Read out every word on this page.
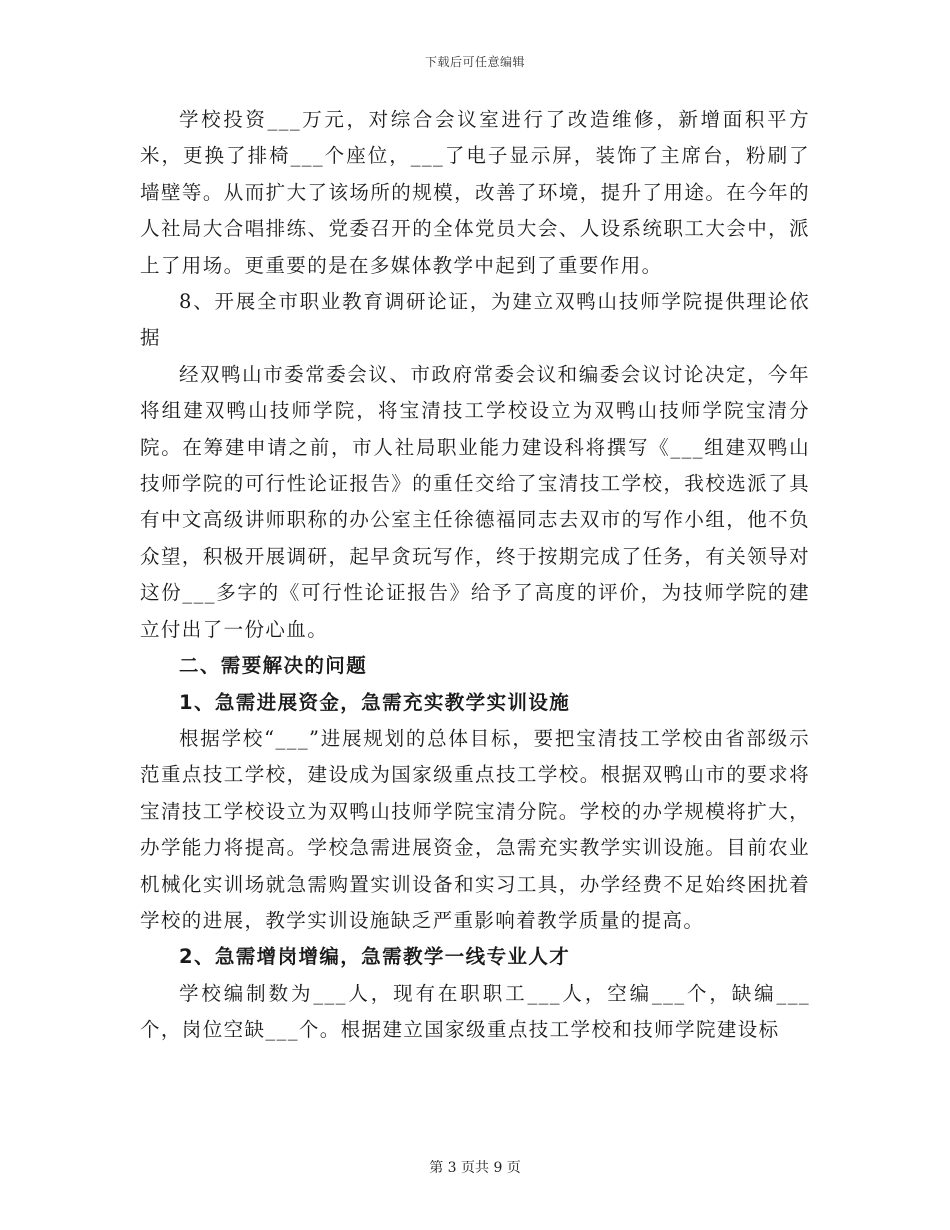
下载后可任意编辑

学校投资___万元，对综合会议室进行了改造维修，新增面积平方米，更换了排椅___个座位，___了电子显示屏，装饰了主席台，粉刷了墙壁等。从而扩大了该场所的规模，改善了环境，提升了用途。在今年的人社局大合唱排练、党委召开的全体党员大会、人设系统职工大会中，派上了用场。更重要的是在多媒体教学中起到了重要作用。

8、开展全市职业教育调研论证，为建立双鸭山技师学院提供理论依据

经双鸭山市委常委会议、市政府常委会议和编委会议讨论决定，今年将组建双鸭山技师学院，将宝清技工学校设立为双鸭山技师学院宝清分院。在筹建申请之前，市人社局职业能力建设科将撰写《___组建双鸭山技师学院的可行性论证报告》的重任交给了宝清技工学校，我校选派了具有中文高级讲师职称的办公室主任徐德福同志去双市的写作小组，他不负众望，积极开展调研，起早贪玩写作，终于按期完成了任务，有关领导对这份___多字的《可行性论证报告》给予了高度的评价，为技师学院的建立付出了一份心血。

二、需要解决的问题

1、急需进展资金，急需充实教学实训设施

根据学校“___”进展规划的总体目标，要把宝清技工学校由省部级示范重点技工学校，建设成为国家级重点技工学校。根据双鸭山市的要求将宝清技工学校设立为双鸭山技师学院宝清分院。学校的办学规模将扩大，办学能力将提高。学校急需进展资金，急需充实教学实训设施。目前农业机械化实训场就急需购置实训设备和实习工具，办学经费不足始终困扰着学校的进展，教学实训设施缺乏严重影响着教学质量的提高。

2、急需增岗增编，急需教学一线专业人才

学校编制数为___人，现有在职职工___人，空编___个，缺编___个，岗位空缺___个。根据建立国家级重点技工学校和技师学院建设标

第 3 页共 9 页
